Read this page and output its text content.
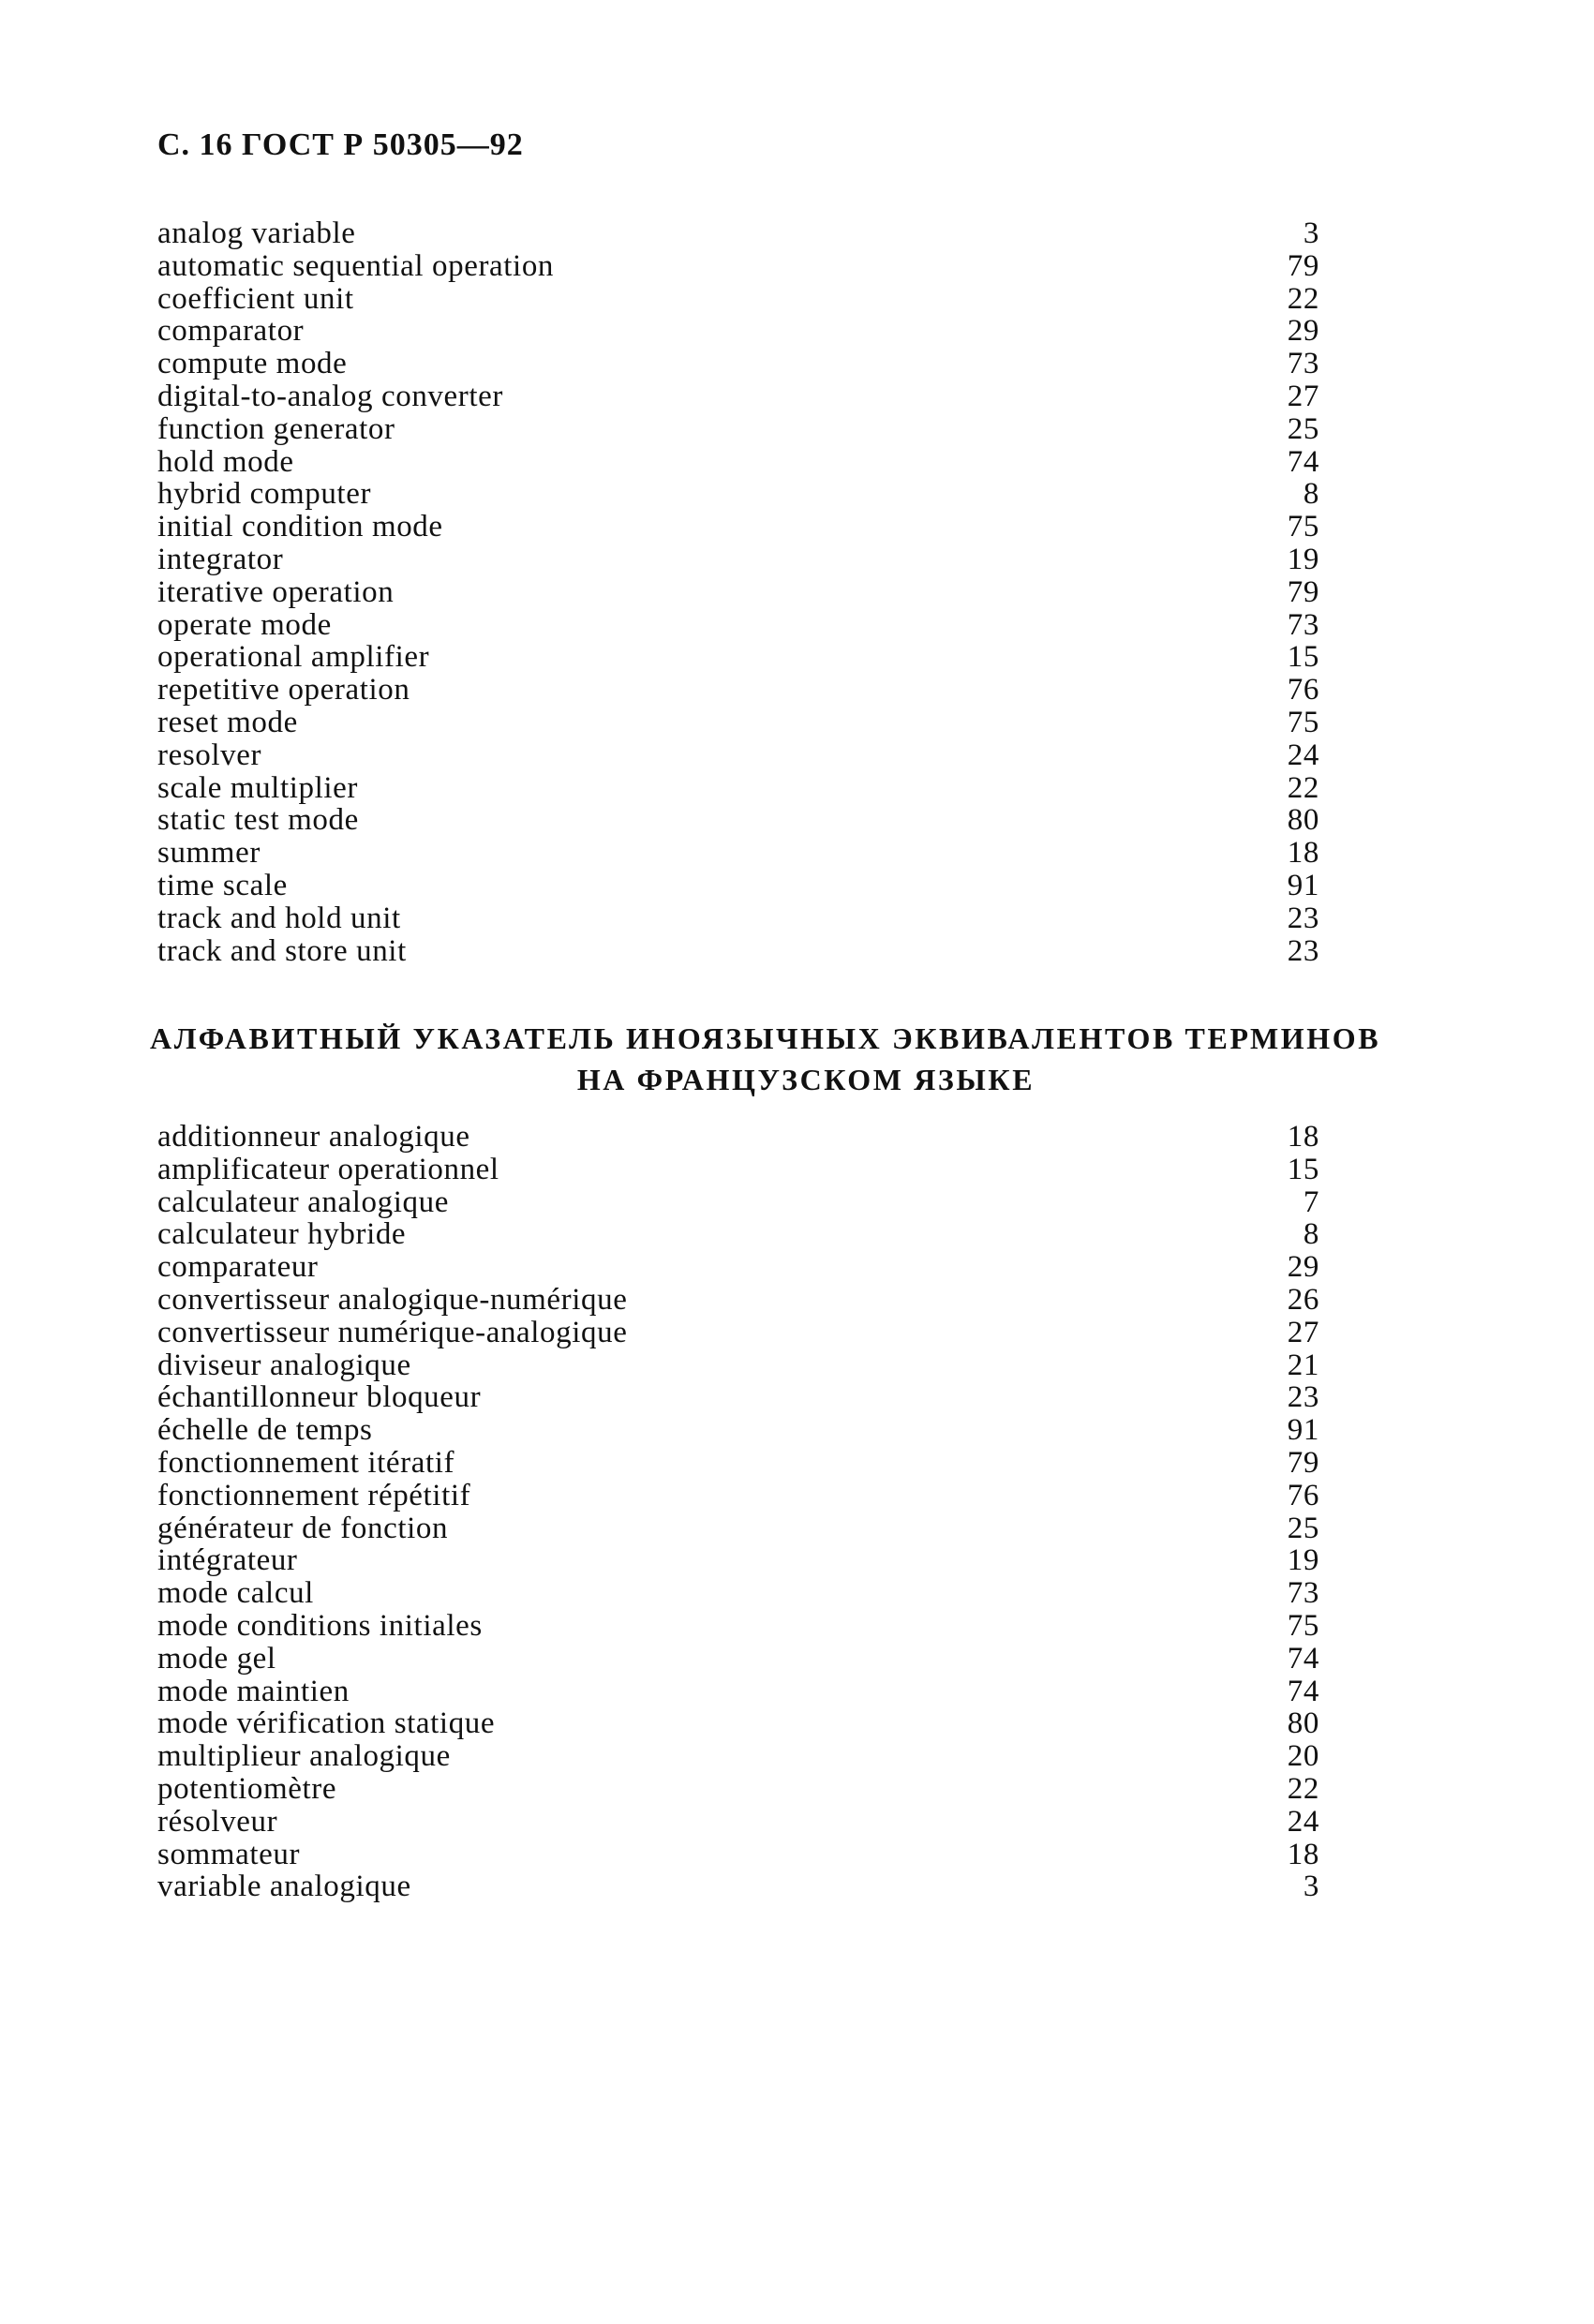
С. 16 ГОСТ Р 50305—92
analog variable	3
automatic sequential operation	79
coefficient unit	22
comparator	29
compute mode	73
digital-to-analog converter	27
function generator	25
hold mode	74
hybrid computer	8
initial condition mode	75
integrator	19
iterative operation	79
operate mode	73
operational amplifier	15
repetitive operation	76
reset mode	75
resolver	24
scale multiplier	22
static test mode	80
summer	18
time scale	91
track and hold unit	23
track and store unit	23
АЛФАВИТНЫЙ УКАЗАТЕЛЬ ИНОЯЗЫЧНЫХ ЭКВИВАЛЕНТОВ ТЕРМИНОВ
НА ФРАНЦУЗСКОМ ЯЗЫКЕ
additionneur analogique	18
amplificateur operationnel	15
calculateur analogique	7
calculateur hybride	8
comparateur	29
convertisseur analogique-numérique	26
convertisseur numérique-analogique	27
diviseur analogique	21
échantillonneur bloqueur	23
échelle de temps	91
fonctionnement itératif	79
fonctionnement répétitif	76
générateur de fonction	25
intégrateur	19
mode calcul	73
mode conditions initiales	75
mode gel	74
mode maintien	74
mode vérification statique	80
multiplieur analogique	20
potentiomètre	22
résolveur	24
sommateur	18
variable analogique	3
